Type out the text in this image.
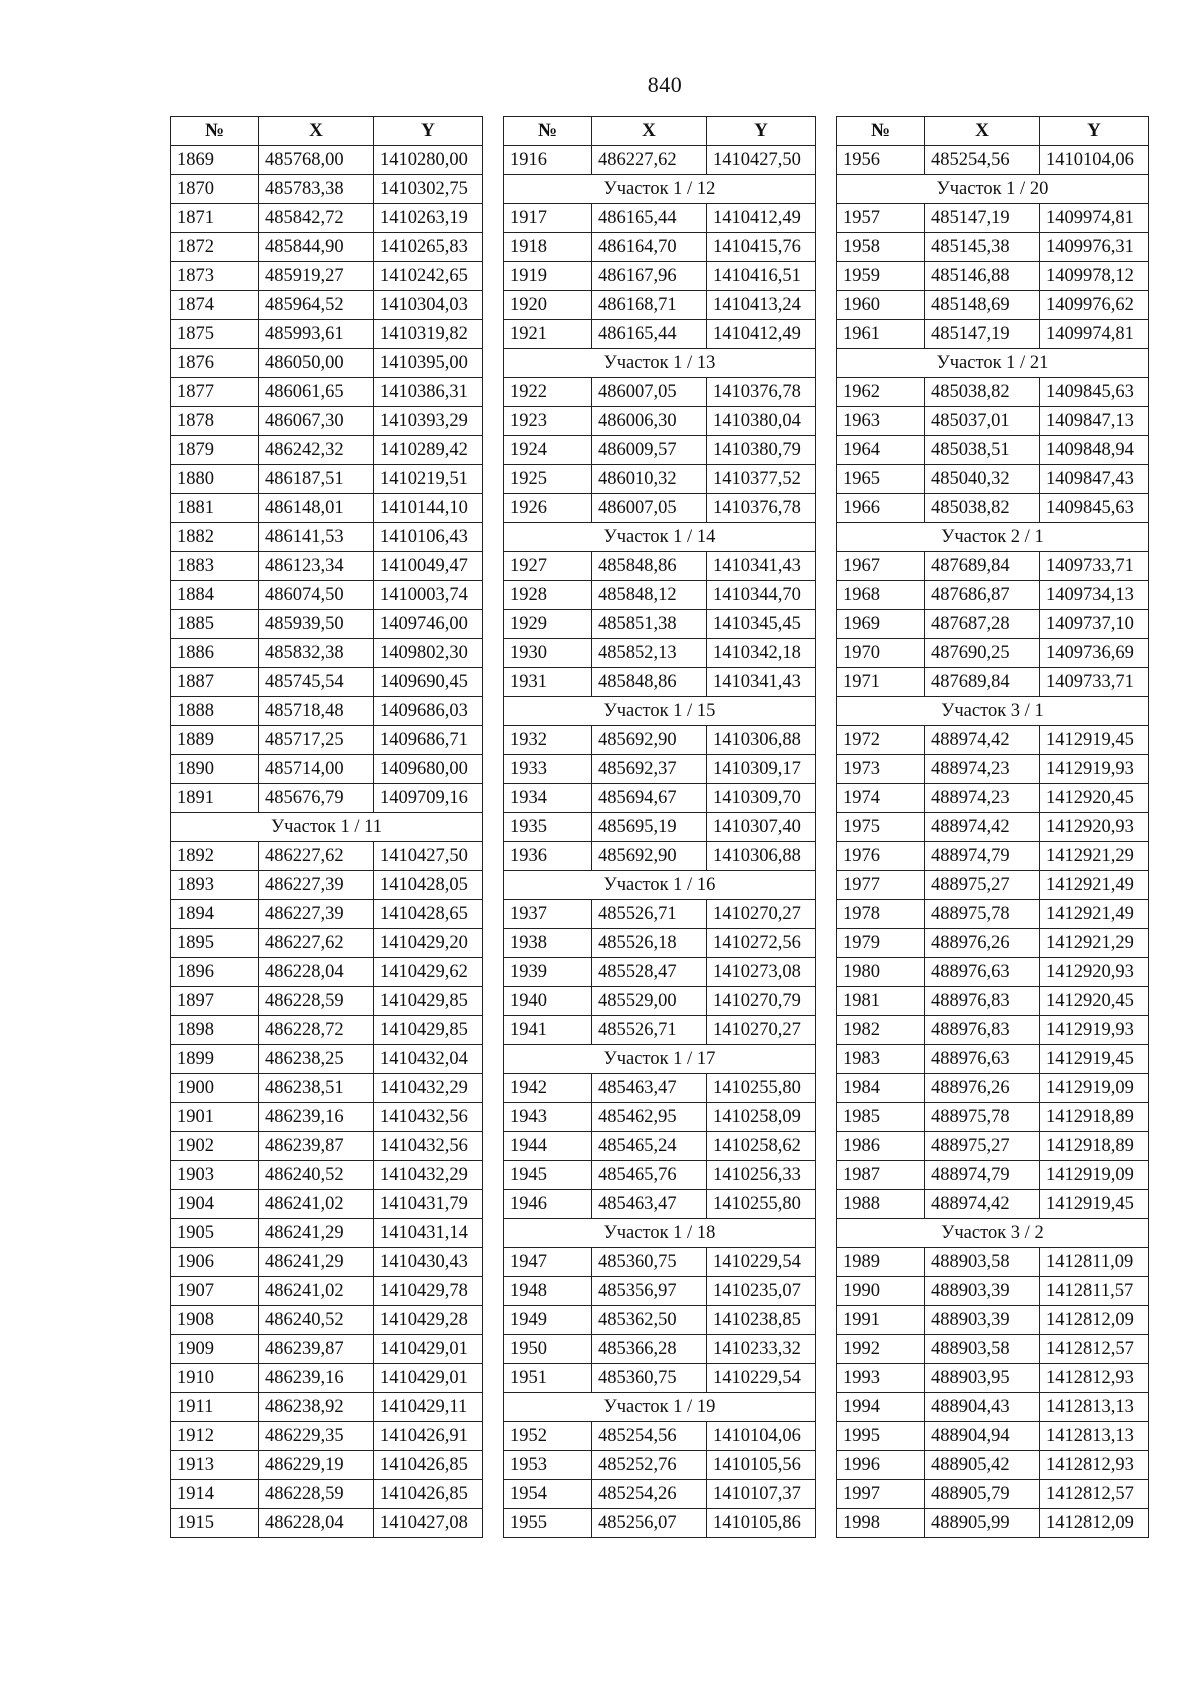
840
№	X	Y
1869	485768,00	1410280,00
1870	485783,38	1410302,75
1871	485842,72	1410263,19
1872	485844,90	1410265,83
1873	485919,27	1410242,65
1874	485964,52	1410304,03
1875	485993,61	1410319,82
1876	486050,00	1410395,00
1877	486061,65	1410386,31
1878	486067,30	1410393,29
1879	486242,32	1410289,42
1880	486187,51	1410219,51
1881	486148,01	1410144,10
1882	486141,53	1410106,43
1883	486123,34	1410049,47
1884	486074,50	1410003,74
1885	485939,50	1409746,00
1886	485832,38	1409802,30
1887	485745,54	1409690,45
1888	485718,48	1409686,03
1889	485717,25	1409686,71
1890	485714,00	1409680,00
1891	485676,79	1409709,16
Участок 1 / 11		
1892	486227,62	1410427,50
1893	486227,39	1410428,05
1894	486227,39	1410428,65
1895	486227,62	1410429,20
1896	486228,04	1410429,62
1897	486228,59	1410429,85
1898	486228,72	1410429,85
1899	486238,25	1410432,04
1900	486238,51	1410432,29
1901	486239,16	1410432,56
1902	486239,87	1410432,56
1903	486240,52	1410432,29
1904	486241,02	1410431,79
1905	486241,29	1410431,14
1906	486241,29	1410430,43
1907	486241,02	1410429,78
1908	486240,52	1410429,28
1909	486239,87	1410429,01
1910	486239,16	1410429,01
1911	486238,92	1410429,11
1912	486229,35	1410426,91
1913	486229,19	1410426,85
1914	486228,59	1410426,85
1915	486228,04	1410427,08
№	X	Y
1916	486227,62	1410427,50
Участок 1 / 12		
1917	486165,44	1410412,49
1918	486164,70	1410415,76
1919	486167,96	1410416,51
1920	486168,71	1410413,24
1921	486165,44	1410412,49
Участок 1 / 13		
1922	486007,05	1410376,78
1923	486006,30	1410380,04
1924	486009,57	1410380,79
1925	486010,32	1410377,52
1926	486007,05	1410376,78
Участок 1 / 14		
1927	485848,86	1410341,43
1928	485848,12	1410344,70
1929	485851,38	1410345,45
1930	485852,13	1410342,18
1931	485848,86	1410341,43
Участок 1 / 15		
1932	485692,90	1410306,88
1933	485692,37	1410309,17
1934	485694,67	1410309,70
1935	485695,19	1410307,40
1936	485692,90	1410306,88
Участок 1 / 16		
1937	485526,71	1410270,27
1938	485526,18	1410272,56
1939	485528,47	1410273,08
1940	485529,00	1410270,79
1941	485526,71	1410270,27
Участок 1 / 17		
1942	485463,47	1410255,80
1943	485462,95	1410258,09
1944	485465,24	1410258,62
1945	485465,76	1410256,33
1946	485463,47	1410255,80
Участок 1 / 18		
1947	485360,75	1410229,54
1948	485356,97	1410235,07
1949	485362,50	1410238,85
1950	485366,28	1410233,32
1951	485360,75	1410229,54
Участок 1 / 19		
1952	485254,56	1410104,06
1953	485252,76	1410105,56
1954	485254,26	1410107,37
1955	485256,07	1410105,86
№	X	Y
1956	485254,56	1410104,06
Участок 1 / 20		
1957	485147,19	1409974,81
1958	485145,38	1409976,31
1959	485146,88	1409978,12
1960	485148,69	1409976,62
1961	485147,19	1409974,81
Участок 1 / 21		
1962	485038,82	1409845,63
1963	485037,01	1409847,13
1964	485038,51	1409848,94
1965	485040,32	1409847,43
1966	485038,82	1409845,63
Участок 2 / 1		
1967	487689,84	1409733,71
1968	487686,87	1409734,13
1969	487687,28	1409737,10
1970	487690,25	1409736,69
1971	487689,84	1409733,71
Участок 3 / 1		
1972	488974,42	1412919,45
1973	488974,23	1412919,93
1974	488974,23	1412920,45
1975	488974,42	1412920,93
1976	488974,79	1412921,29
1977	488975,27	1412921,49
1978	488975,78	1412921,49
1979	488976,26	1412921,29
1980	488976,63	1412920,93
1981	488976,83	1412920,45
1982	488976,83	1412919,93
1983	488976,63	1412919,45
1984	488976,26	1412919,09
1985	488975,78	1412918,89
1986	488975,27	1412918,89
1987	488974,79	1412919,09
1988	488974,42	1412919,45
Участок 3 / 2		
1989	488903,58	1412811,09
1990	488903,39	1412811,57
1991	488903,39	1412812,09
1992	488903,58	1412812,57
1993	488903,95	1412812,93
1994	488904,43	1412813,13
1995	488904,94	1412813,13
1996	488905,42	1412812,93
1997	488905,79	1412812,57
1998	488905,99	1412812,09
